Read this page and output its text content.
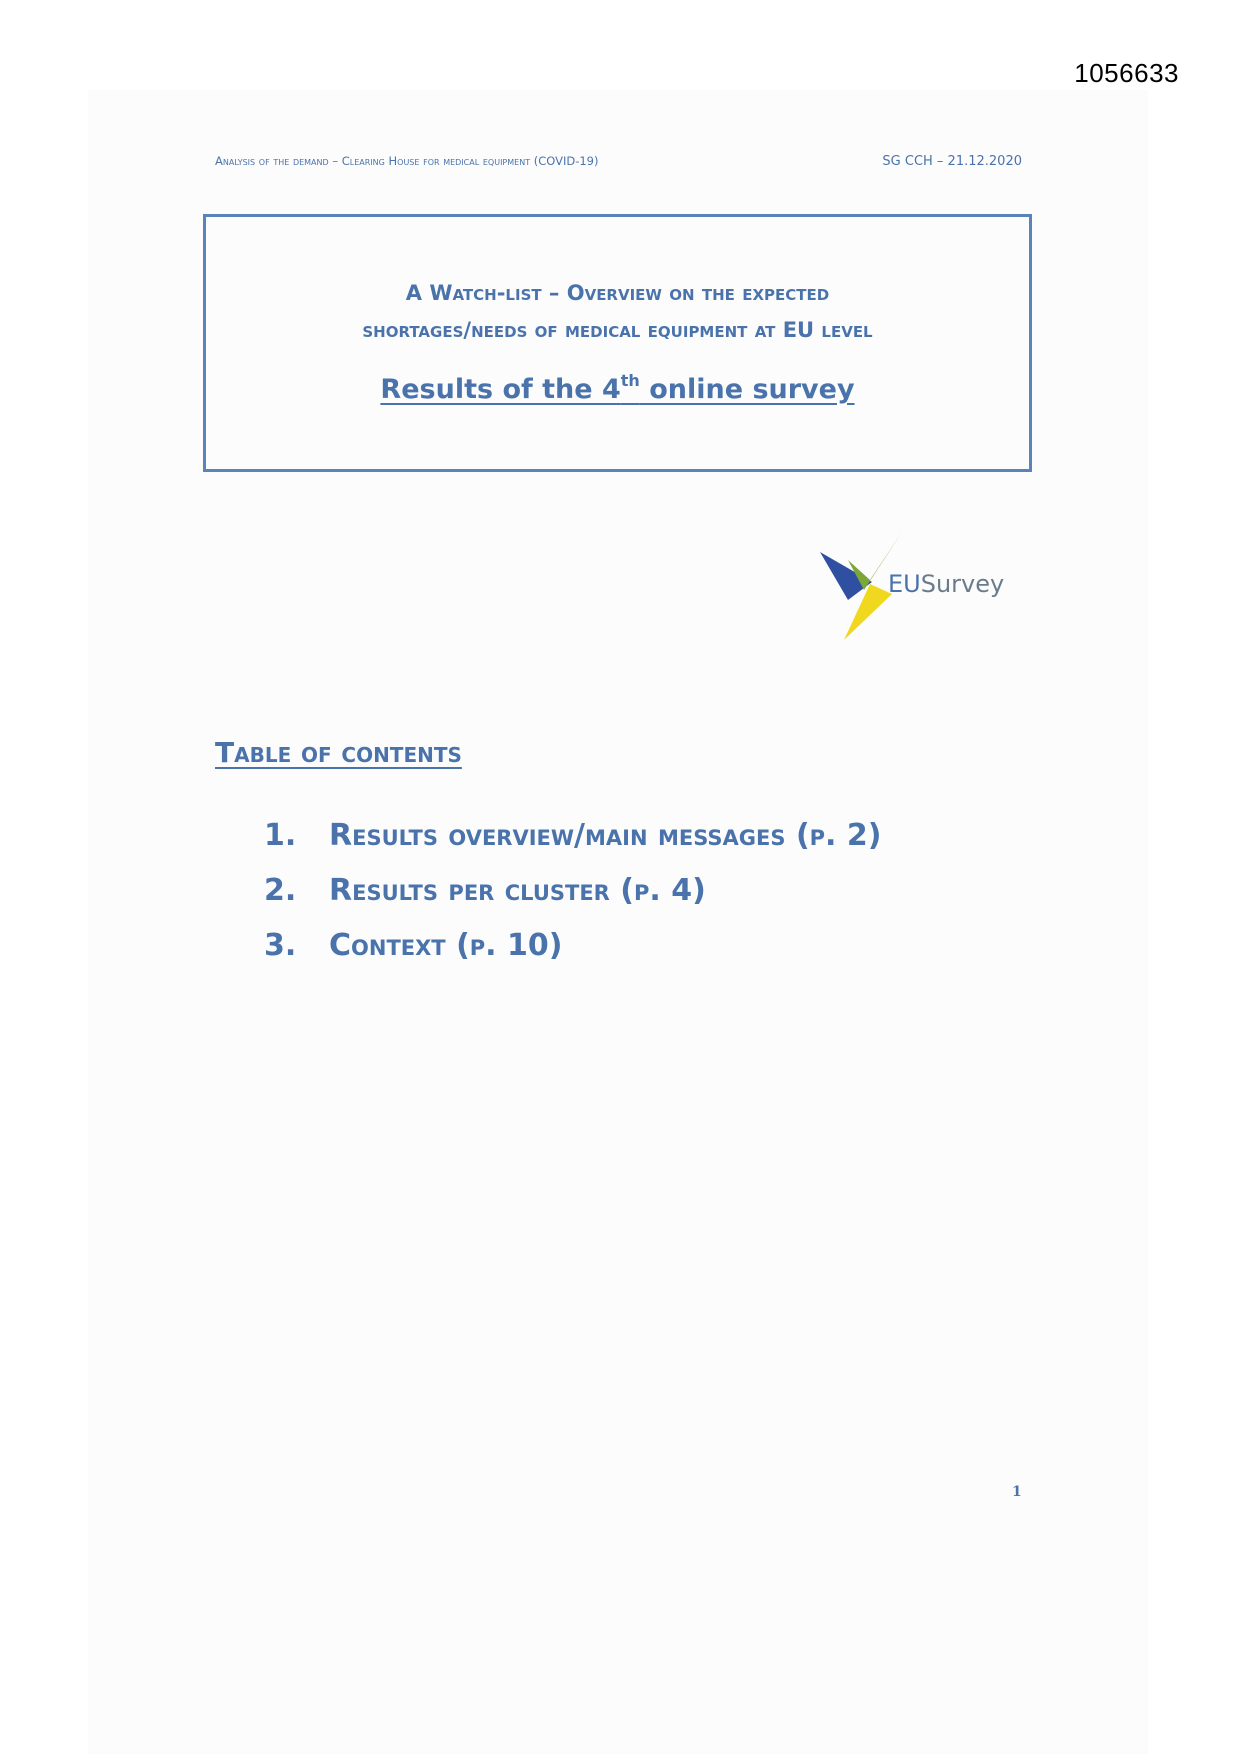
1056633
Analysis of the demand – Clearing House for medical equipment (COVID-19)	SG CCH – 21.12.2020
A Watch-list – Overview on the expected
shortages/needs of medical equipment at EU level
Results of the 4th online survey
EUSurvey
Table of contents
1.	Results overview/main messages (p. 2)
2.	Results per cluster (p. 4)
3.	Context (p. 10)
1
